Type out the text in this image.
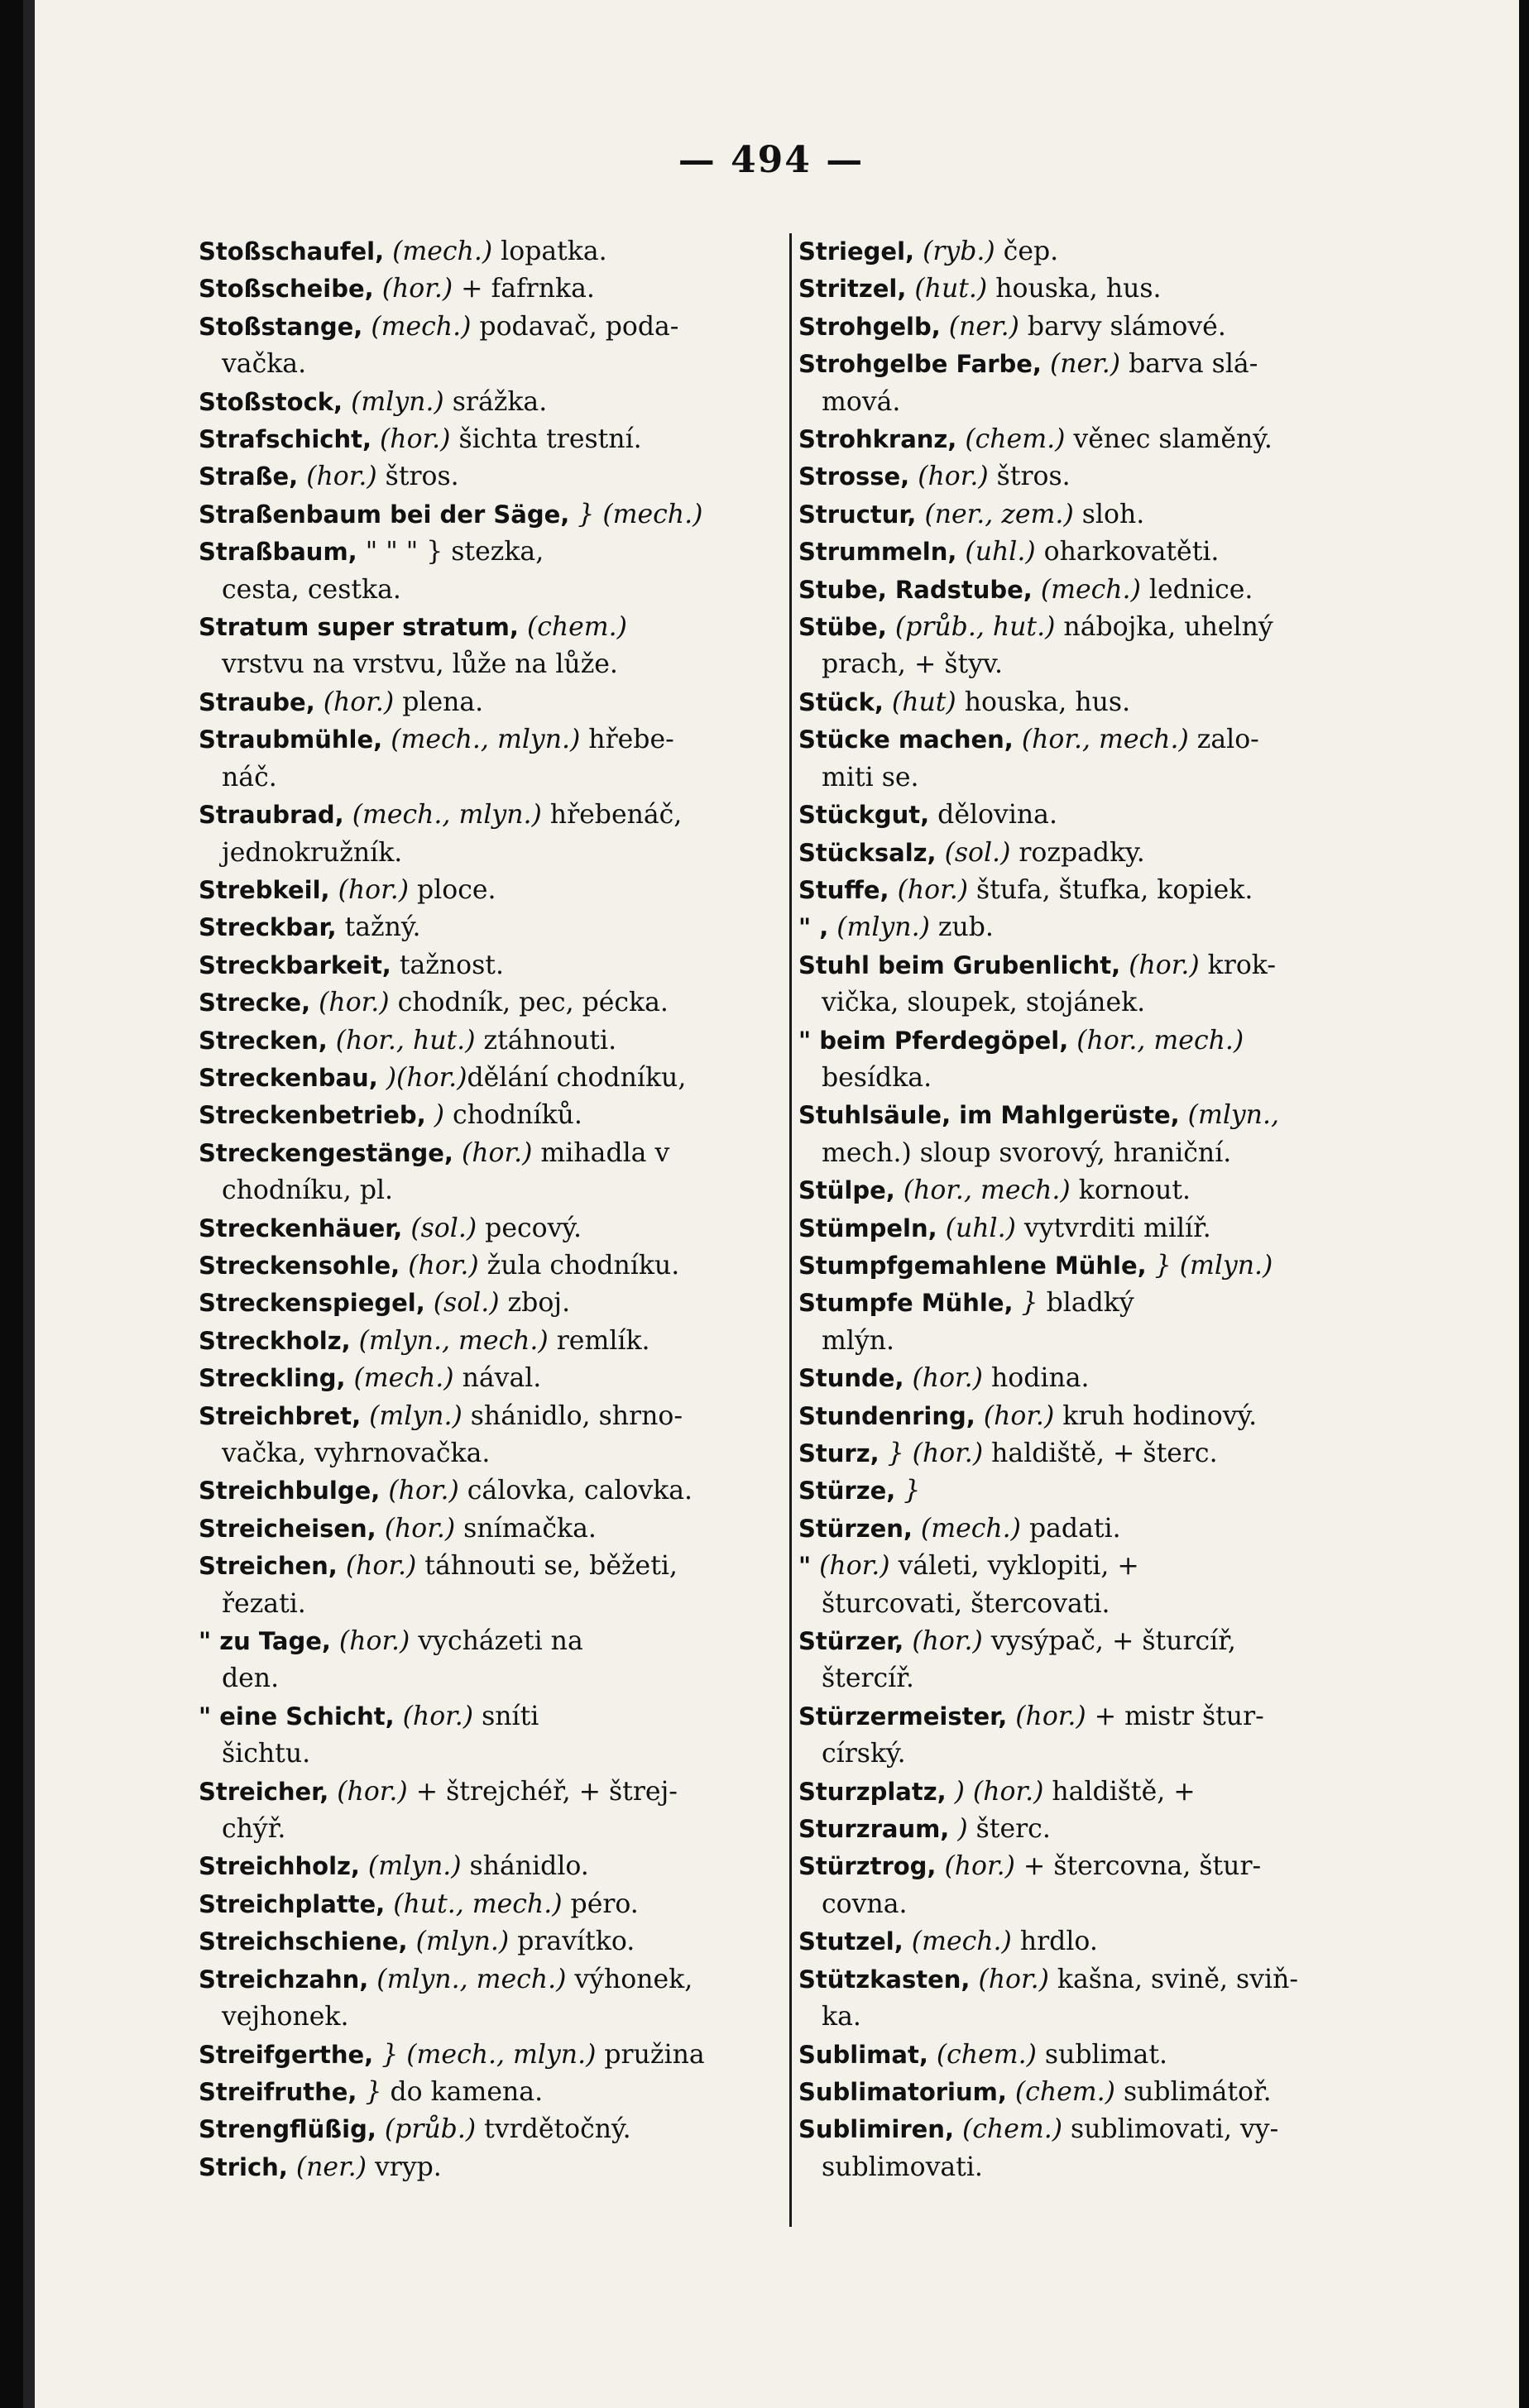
— 494 —
Stoßschaufel, (mech.) lopatka.
Stoßscheibe, (hor.) + fafrnka.
Stoßstange, (mech.) podavač, poda-
vačka.
Stoßstock, (mlyn.) srážka.
Strafschicht, (hor.) šichta trestní.
Straße, (hor.) štros.
Straßenbaum bei der Säge, } (mech.)
Straßbaum, " " " } stezka,
cesta, cestka.
Stratum super stratum, (chem.)
vrstvu na vrstvu, lůže na lůže.
Straube, (hor.) plena.
Straubmühle, (mech., mlyn.) hřebe-
náč.
Straubrad, (mech., mlyn.) hřebenáč,
jednokružník.
Strebkeil, (hor.) ploce.
Streckbar, tažný.
Streckbarkeit, tažnost.
Strecke, (hor.) chodník, pec, pécka.
Strecken, (hor., hut.) ztáhnouti.
Streckenbau, )(hor.)dělání chodníku,
Streckenbetrieb, ) chodníků.
Streckengestänge, (hor.) mihadla v
chodníku, pl.
Streckenhäuer, (sol.) pecový.
Streckensohle, (hor.) žula chodníku.
Streckenspiegel, (sol.) zboj.
Streckholz, (mlyn., mech.) remlík.
Streckling, (mech.) nával.
Streichbret, (mlyn.) shánidlo, shrno-
vačka, vyhrnovačka.
Streichbulge, (hor.) cálovka, calovka.
Streicheisen, (hor.) snímačka.
Streichen, (hor.) táhnouti se, běžeti,
řezati.
" zu Tage, (hor.) vycházeti na
den.
" eine Schicht, (hor.) sníti
šichtu.
Streicher, (hor.) + štrejchéř, + štrej-
chýř.
Streichholz, (mlyn.) shánidlo.
Streichplatte, (hut., mech.) péro.
Streichschiene, (mlyn.) pravítko.
Streichzahn, (mlyn., mech.) výhonek,
vejhonek.
Streifgerthe, } (mech., mlyn.) pružina
Streifruthe, } do kamena.
Strengflüßig, (průb.) tvrdětočný.
Strich, (ner.) vryp.
Striegel, (ryb.) čep.
Stritzel, (hut.) houska, hus.
Strohgelb, (ner.) barvy slámové.
Strohgelbe Farbe, (ner.) barva slá-
mová.
Strohkranz, (chem.) věnec slaměný.
Strosse, (hor.) štros.
Structur, (ner., zem.) sloh.
Strummeln, (uhl.) oharkovatěti.
Stube, Radstube, (mech.) lednice.
Stübe, (průb., hut.) nábojka, uhelný
prach, + štyv.
Stück, (hut) houska, hus.
Stücke machen, (hor., mech.) zalo-
miti se.
Stückgut, dělovina.
Stücksalz, (sol.) rozpadky.
Stuffe, (hor.) štufa, štufka, kopiek.
" , (mlyn.) zub.
Stuhl beim Grubenlicht, (hor.) krok-
vička, sloupek, stojánek.
" beim Pferdegöpel, (hor., mech.)
besídka.
Stuhlsäule, im Mahlgerüste, (mlyn.,
mech.) sloup svorový, hraniční.
Stülpe, (hor., mech.) kornout.
Stümpeln, (uhl.) vytvrditi milíř.
Stumpfgemahlene Mühle, } (mlyn.)
Stumpfe Mühle, } bladký
mlýn.
Stunde, (hor.) hodina.
Stundenring, (hor.) kruh hodinový.
Sturz, } (hor.) haldiště, + šterc.
Stürze, }
Stürzen, (mech.) padati.
" (hor.) váleti, vyklopiti, +
šturcovati, štercovati.
Stürzer, (hor.) vysýpač, + šturcíř,
štercíř.
Stürzermeister, (hor.) + mistr štur-
círský.
Sturzplatz, ) (hor.) haldiště, +
Sturzraum, ) šterc.
Stürztrog, (hor.) + štercovna, štur-
covna.
Stutzel, (mech.) hrdlo.
Stützkasten, (hor.) kašna, svině, sviň-
ka.
Sublimat, (chem.) sublimat.
Sublimatorium, (chem.) sublimátoř.
Sublimiren, (chem.) sublimovati, vy-
sublimovati.
